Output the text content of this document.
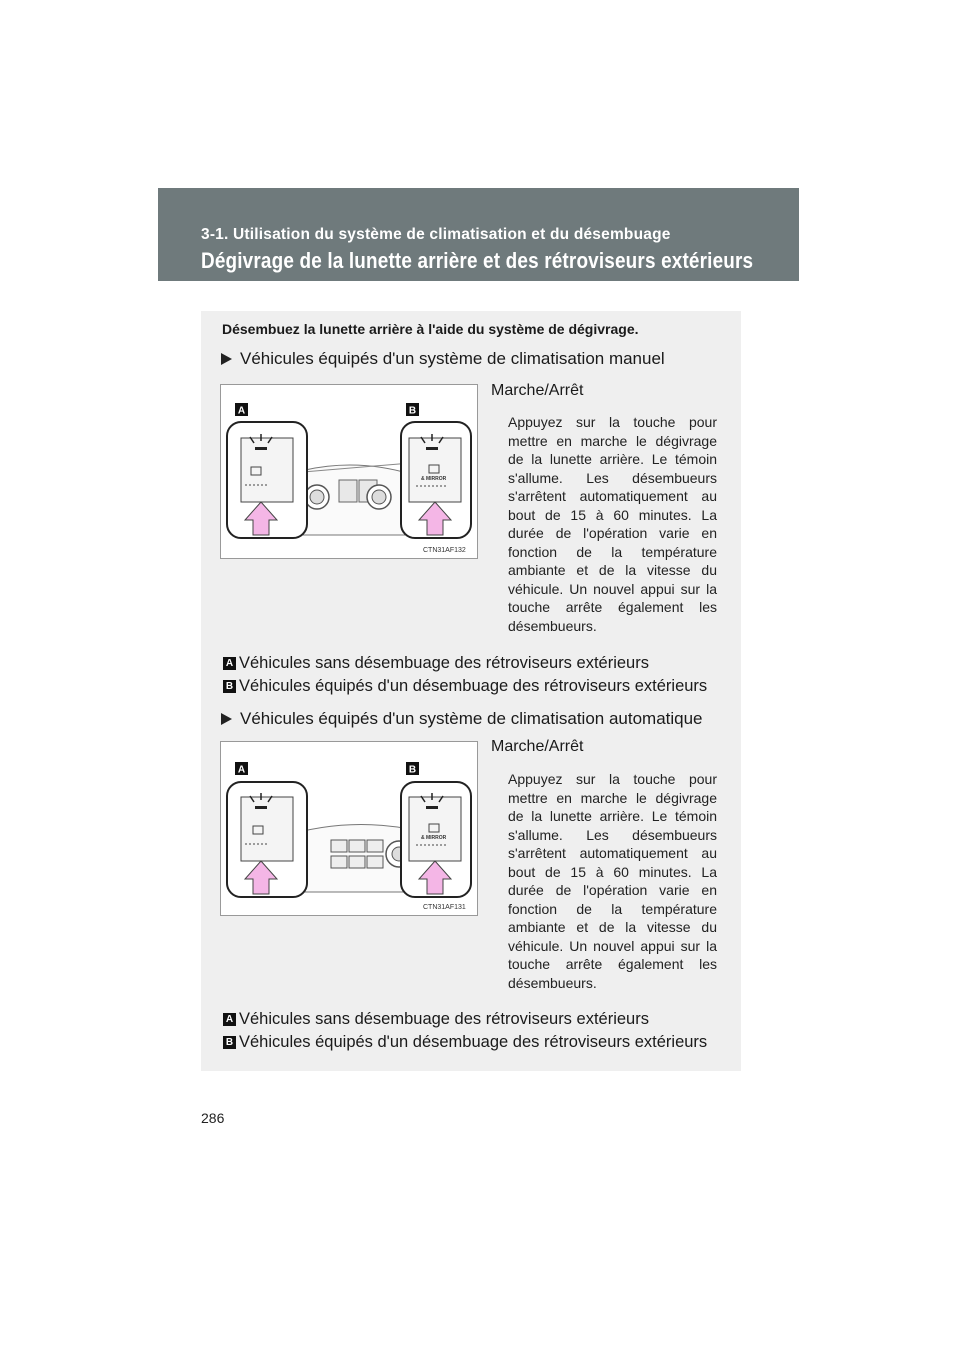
3-1. Utilisation du système de climatisation et du désembuage
Dégivrage de la lunette arrière et des rétroviseurs extérieurs
Désembuez la lunette arrière à l'aide du système de dégivrage.
Véhicules équipés d'un système de climatisation manuel
A	B
& MIRROR
CTN31AF132
Marche/Arrêt
Appuyez sur la touche pour mettre en marche le dégivrage de la lunette arrière. Le témoin s'allume. Les désembueurs s'arrêtent automatiquement au bout de 15 à 60 minutes. La durée de l'opération varie en fonction de la température ambiante et de la vitesse du véhicule. Un nouvel appui sur la touche arrête également les désembueurs.
A Véhicules sans désembuage des rétroviseurs extérieurs
B Véhicules équipés d'un désembuage des rétroviseurs extérieurs
Véhicules équipés d'un système de climatisation automatique
A	B
& MIRROR
CTN31AF131
Marche/Arrêt
Appuyez sur la touche pour mettre en marche le dégivrage de la lunette arrière. Le témoin s'allume. Les désembueurs s'arrêtent automatiquement au bout de 15 à 60 minutes. La durée de l'opération varie en fonction de la température ambiante et de la vitesse du véhicule. Un nouvel appui sur la touche arrête également les désembueurs.
A Véhicules sans désembuage des rétroviseurs extérieurs
B Véhicules équipés d'un désembuage des rétroviseurs extérieurs
286
